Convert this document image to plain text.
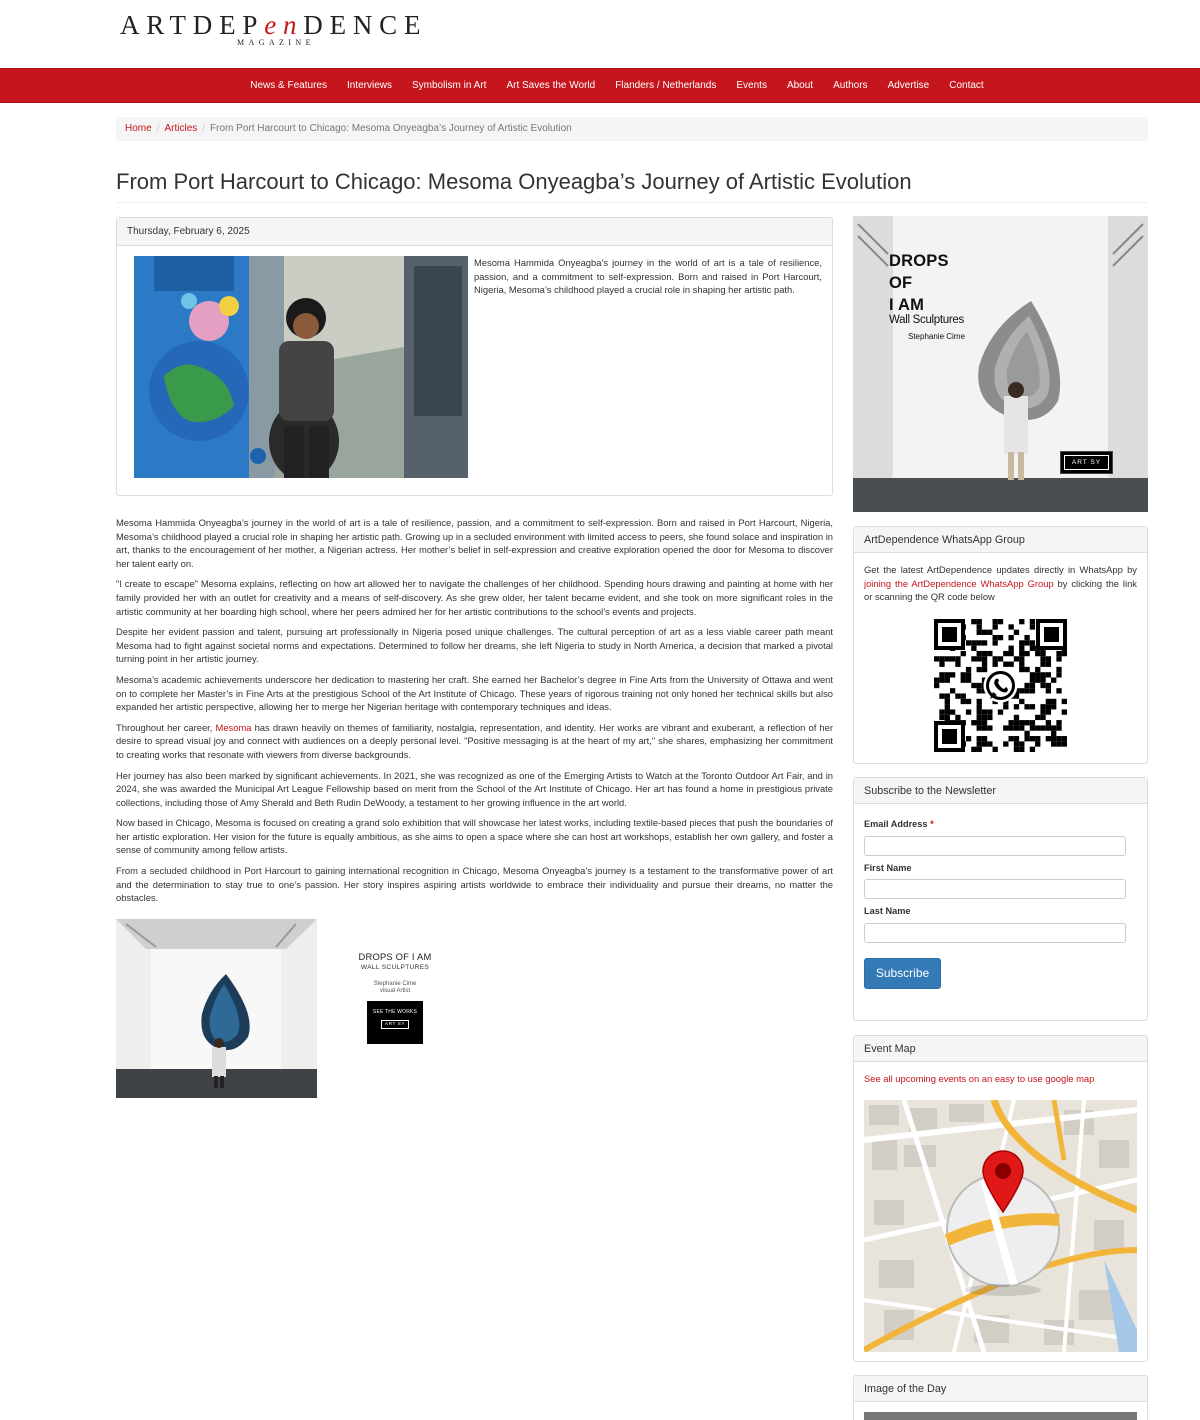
ARTDEPenDENCE
MAGAZINE
News & Features	Interviews	Symbolism in Art	Art Saves the World	Flanders / Netherlands	Events	About	Authors	Advertise	Contact
Home / Articles / From Port Harcourt to Chicago: Mesoma Onyeagba’s Journey of Artistic Evolution
From Port Harcourt to Chicago: Mesoma Onyeagba’s Journey of Artistic Evolution
Thursday, February 6, 2025
Mesoma Hammida Onyeagba’s journey in the world of art is a tale of resilience, passion, and a commitment to self-expression. Born and raised in Port Harcourt, Nigeria, Mesoma’s childhood played a crucial role in shaping her artistic path.

Mesoma Hammida Onyeagba’s journey in the world of art is a tale of resilience, passion, and a commitment to self-expression. Born and raised in Port Harcourt, Nigeria, Mesoma’s childhood played a crucial role in shaping her artistic path. Growing up in a secluded environment with limited access to peers, she found solace and inspiration in art, thanks to the encouragement of her mother, a Nigerian actress. Her mother’s belief in self-expression and creative exploration opened the door for Mesoma to discover her talent early on.

"I create to escape" Mesoma explains, reflecting on how art allowed her to navigate the challenges of her childhood. Spending hours drawing and painting at home with her family provided her with an outlet for creativity and a means of self-discovery. As she grew older, her talent became evident, and she took on more significant roles in the artistic community at her boarding high school, where her peers admired her for her artistic contributions to the school’s events and projects.

Despite her evident passion and talent, pursuing art professionally in Nigeria posed unique challenges. The cultural perception of art as a less viable career path meant Mesoma had to fight against societal norms and expectations. Determined to follow her dreams, she left Nigeria to study in North America, a decision that marked a pivotal turning point in her artistic journey.

Mesoma’s academic achievements underscore her dedication to mastering her craft. She earned her Bachelor’s degree in Fine Arts from the University of Ottawa and went on to complete her Master’s in Fine Arts at the prestigious School of the Art Institute of Chicago. These years of rigorous training not only honed her technical skills but also expanded her artistic perspective, allowing her to merge her Nigerian heritage with contemporary techniques and ideas.

Throughout her career, Mesoma has drawn heavily on themes of familiarity, nostalgia, representation, and identity. Her works are vibrant and exuberant, a reflection of her desire to spread visual joy and connect with audiences on a deeply personal level. "Positive messaging is at the heart of my art," she shares, emphasizing her commitment to creating works that resonate with viewers from diverse backgrounds.

Her journey has also been marked by significant achievements. In 2021, she was recognized as one of the Emerging Artists to Watch at the Toronto Outdoor Art Fair, and in 2024, she was awarded the Municipal Art League Fellowship based on merit from the School of the Art Institute of Chicago. Her art has found a home in prestigious private collections, including those of Amy Sherald and Beth Rudin DeWoody, a testament to her growing influence in the art world.

Now based in Chicago, Mesoma is focused on creating a grand solo exhibition that will showcase her latest works, including textile-based pieces that push the boundaries of her artistic exploration. Her vision for the future is equally ambitious, as she aims to open a space where she can host art workshops, establish her own gallery, and foster a sense of community among fellow artists.

From a secluded childhood in Port Harcourt to gaining international recognition in Chicago, Mesoma Onyeagba’s journey is a testament to the transformative power of art and the determination to stay true to one’s passion. Her story inspires aspiring artists worldwide to embrace their individuality and pursue their dreams, no matter the obstacles.

DROPS OF I AM
WALL SCULPTURES
Stephanie Cime
visual Artist
SEE THE WORKS
ART SY
DROPS
OF
I AM
Wall Sculptures
Stephanie Cime
ART SY
ArtDependence WhatsApp Group
Get the latest ArtDependence updates directly in WhatsApp by joining the ArtDependence WhatsApp Group by clicking the link or scanning the QR code below
Subscribe to the Newsletter
Email Address *
First Name
Last Name
Subscribe
Event Map
See all upcoming events on an easy to use google map
Image of the Day
